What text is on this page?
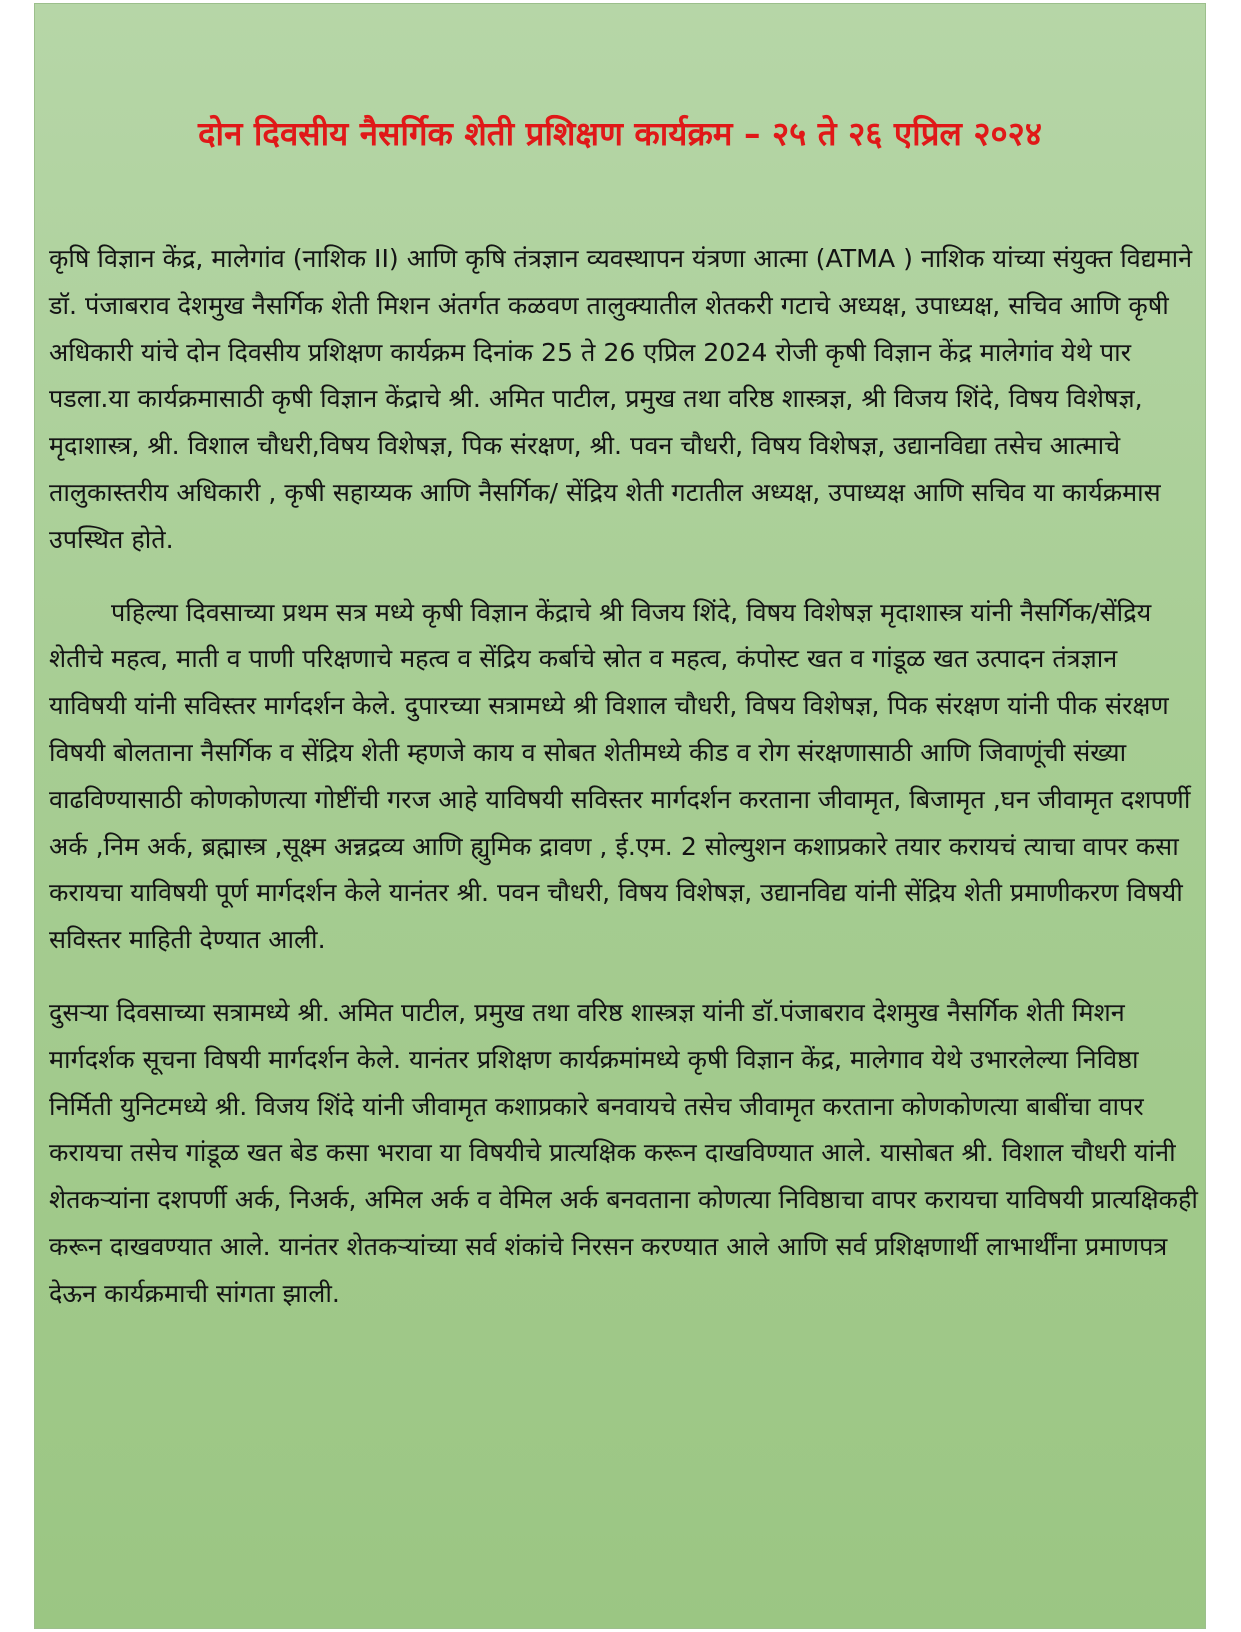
दोन दिवसीय नैसर्गिक शेती प्रशिक्षण कार्यक्रम – २५ ते २६ एप्रिल २०२४

कृषि विज्ञान केंद्र, मालेगांव (नाशिक II) आणि कृषि तंत्रज्ञान व्यवस्थापन यंत्रणा आत्मा (ATMA ) नाशिक यांच्या संयुक्त विद्यमाने डॉ. पंजाबराव देशमुख नैसर्गिक शेती मिशन अंतर्गत कळवण तालुक्यातील शेतकरी गटाचे अध्यक्ष, उपाध्यक्ष, सचिव आणि कृषी अधिकारी यांचे दोन दिवसीय प्रशिक्षण कार्यक्रम दिनांक 25 ते 26 एप्रिल 2024 रोजी कृषी विज्ञान केंद्र मालेगांव येथे पार पडला.या कार्यक्रमासाठी कृषी विज्ञान केंद्राचे श्री. अमित पाटील, प्रमुख तथा वरिष्ठ शास्त्रज्ञ, श्री विजय शिंदे, विषय विशेषज्ञ, मृदाशास्त्र, श्री. विशाल चौधरी,विषय विशेषज्ञ, पिक संरक्षण, श्री. पवन चौधरी, विषय विशेषज्ञ, उद्यानविद्या तसेच आत्माचे तालुकास्तरीय अधिकारी , कृषी सहाय्यक आणि नैसर्गिक/ सेंद्रिय शेती गटातील अध्यक्ष, उपाध्यक्ष आणि सचिव या कार्यक्रमास उपस्थित होते.

पहिल्या दिवसाच्या प्रथम सत्र मध्ये कृषी विज्ञान केंद्राचे श्री विजय शिंदे, विषय विशेषज्ञ मृदाशास्त्र यांनी नैसर्गिक/सेंद्रिय शेतीचे महत्व, माती व पाणी परिक्षणाचे महत्व व सेंद्रिय कर्बाचे स्रोत व महत्व, कंपोस्ट खत व गांडूळ खत उत्पादन तंत्रज्ञान याविषयी यांनी सविस्तर मार्गदर्शन केले. दुपारच्या सत्रामध्ये श्री विशाल चौधरी, विषय विशेषज्ञ, पिक संरक्षण यांनी पीक संरक्षण विषयी बोलताना नैसर्गिक व सेंद्रिय शेती म्हणजे काय व सोबत शेतीमध्ये कीड व रोग संरक्षणासाठी आणि जिवाणूंची संख्या वाढविण्यासाठी कोणकोणत्या गोष्टींची गरज आहे याविषयी सविस्तर मार्गदर्शन करताना जीवामृत, बिजामृत ,घन जीवामृत दशपर्णी अर्क ,निम अर्क, ब्रह्मास्त्र ,सूक्ष्म अन्नद्रव्य आणि ह्युमिक द्रावण , ई.एम. 2 सोल्युशन कशाप्रकारे तयार करायचं त्याचा वापर कसा करायचा याविषयी पूर्ण मार्गदर्शन केले यानंतर श्री. पवन चौधरी, विषय विशेषज्ञ, उद्यानविद्य यांनी सेंद्रिय शेती प्रमाणीकरण विषयी सविस्तर माहिती देण्यात आली.

दुसऱ्या दिवसाच्या सत्रामध्ये श्री. अमित पाटील, प्रमुख तथा वरिष्ठ शास्त्रज्ञ यांनी डॉ.पंजाबराव देशमुख नैसर्गिक शेती मिशन मार्गदर्शक सूचना विषयी मार्गदर्शन केले. यानंतर प्रशिक्षण कार्यक्रमांमध्ये कृषी विज्ञान केंद्र, मालेगाव येथे उभारलेल्या निविष्ठा निर्मिती युनिटमध्ये श्री. विजय शिंदे यांनी जीवामृत कशाप्रकारे बनवायचे तसेच जीवामृत करताना कोणकोणत्या बाबींचा वापर करायचा तसेच गांडूळ खत बेड कसा भरावा या विषयीचे प्रात्यक्षिक करून दाखविण्यात आले. यासोबत श्री. विशाल चौधरी यांनी शेतकऱ्यांना दशपर्णी अर्क, निअर्क, अमिल अर्क व वेमिल अर्क बनवताना कोणत्या निविष्ठाचा वापर करायचा याविषयी प्रात्यक्षिकही करून दाखवण्यात आले. यानंतर शेतकऱ्यांच्या सर्व शंकांचे निरसन करण्यात आले आणि सर्व प्रशिक्षणार्थी लाभार्थींना प्रमाणपत्र देऊन कार्यक्रमाची सांगता झाली.
